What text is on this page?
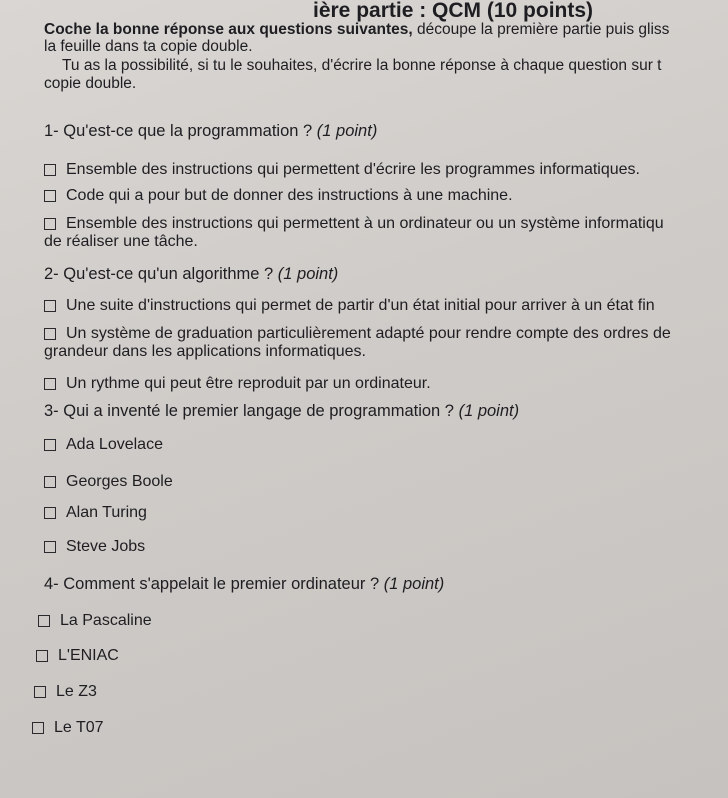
ière partie : QCM (10 points)
Coche la bonne réponse aux questions suivantes, découpe la première partie puis gliss
la feuille dans ta copie double.
Tu as la possibilité, si tu le souhaites, d'écrire la bonne réponse à chaque question sur t
copie double.
1- Qu'est-ce que la programmation ? (1 point)
Ensemble des instructions qui permettent d'écrire les programmes informatiques.
Code qui a pour but de donner des instructions à une machine.
Ensemble des instructions qui permettent à un ordinateur ou un système informatiqu
de réaliser une tâche.
2- Qu'est-ce qu'un algorithme ? (1 point)
Une suite d'instructions qui permet de partir d'un état initial pour arriver à un état fin
Un système de graduation particulièrement adapté pour rendre compte des ordres de
grandeur dans les applications informatiques.
Un rythme qui peut être reproduit par un ordinateur.
3- Qui a inventé le premier langage de programmation ? (1 point)
Ada Lovelace
Georges Boole
Alan Turing
Steve Jobs
4- Comment s'appelait le premier ordinateur ? (1 point)
La Pascaline
L'ENIAC
Le Z3
Le T07
